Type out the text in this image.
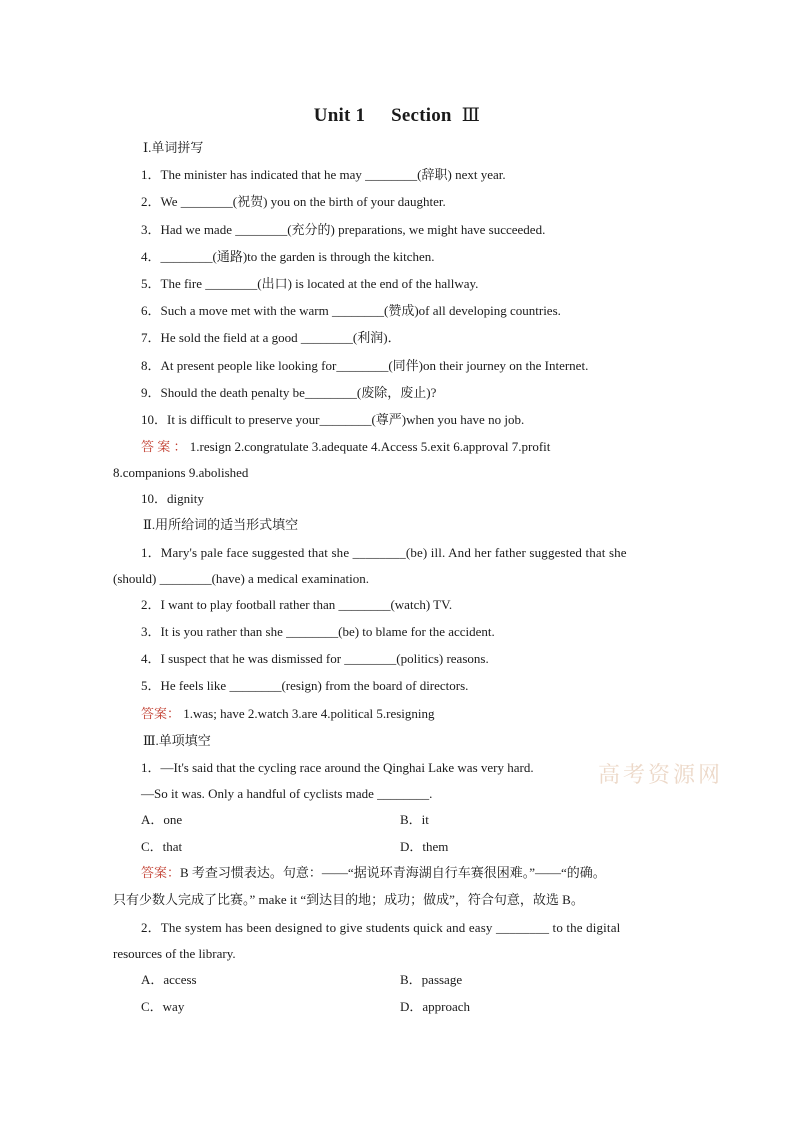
Unit 1 Section Ⅲ
Ⅰ.单词拼写
1．The minister has indicated that he may ________(辞职) next year.
2．We ________(祝贺) you on the birth of your daughter.
3．Had we made ________(充分的) preparations, we might have succeeded.
4．________(通路)to the garden is through the kitchen.
5．The fire ________(出口) is located at the end of the hallway.
6．Such a move met with the warm ________(赞成)of all developing countries.
7．He sold the field at a good ________(利润)．
8．At present people like looking for________(同伴)on their journey on the Internet.
9．Should the death penalty be________(废除，废止)?
10．It is difficult to preserve your________(尊严)when you have no job.
答 案 ： 1.resign 2.congratulate 3.adequate 4.Access 5.exit 6.approval 7.profit
8.companions 9.abolished
10．dignity
Ⅱ.用所给词的适当形式填空
1．Mary's pale face suggested that she ________(be) ill. And her father suggested that she
(should) ________(have) a medical examination.
2．I want to play football rather than ________(watch) TV.
3．It is you rather than she ________(be) to blame for the accident.
4．I suspect that he was dismissed for ________(politics) reasons.
5．He feels like ________(resign) from the board of directors.
答案： 1.was; have 2.watch 3.are 4.political 5.resigning
Ⅲ.单项填空
1．—It's said that the cycling race around the Qinghai Lake was very hard.
—So it was. Only a handful of cyclists made ________.
A．one	B．it
C．that	D．them
答案：B 考查习惯表达。句意：——“据说环青海湖自行车赛很困难。”——“的确。
只有少数人完成了比赛。” make it “到达目的地；成功；做成”，符合句意，故选 B。
2．The system has been designed to give students quick and easy ________ to the digital
resources of the library.
A．access	B．passage
C．way	D．approach
高考资源网
